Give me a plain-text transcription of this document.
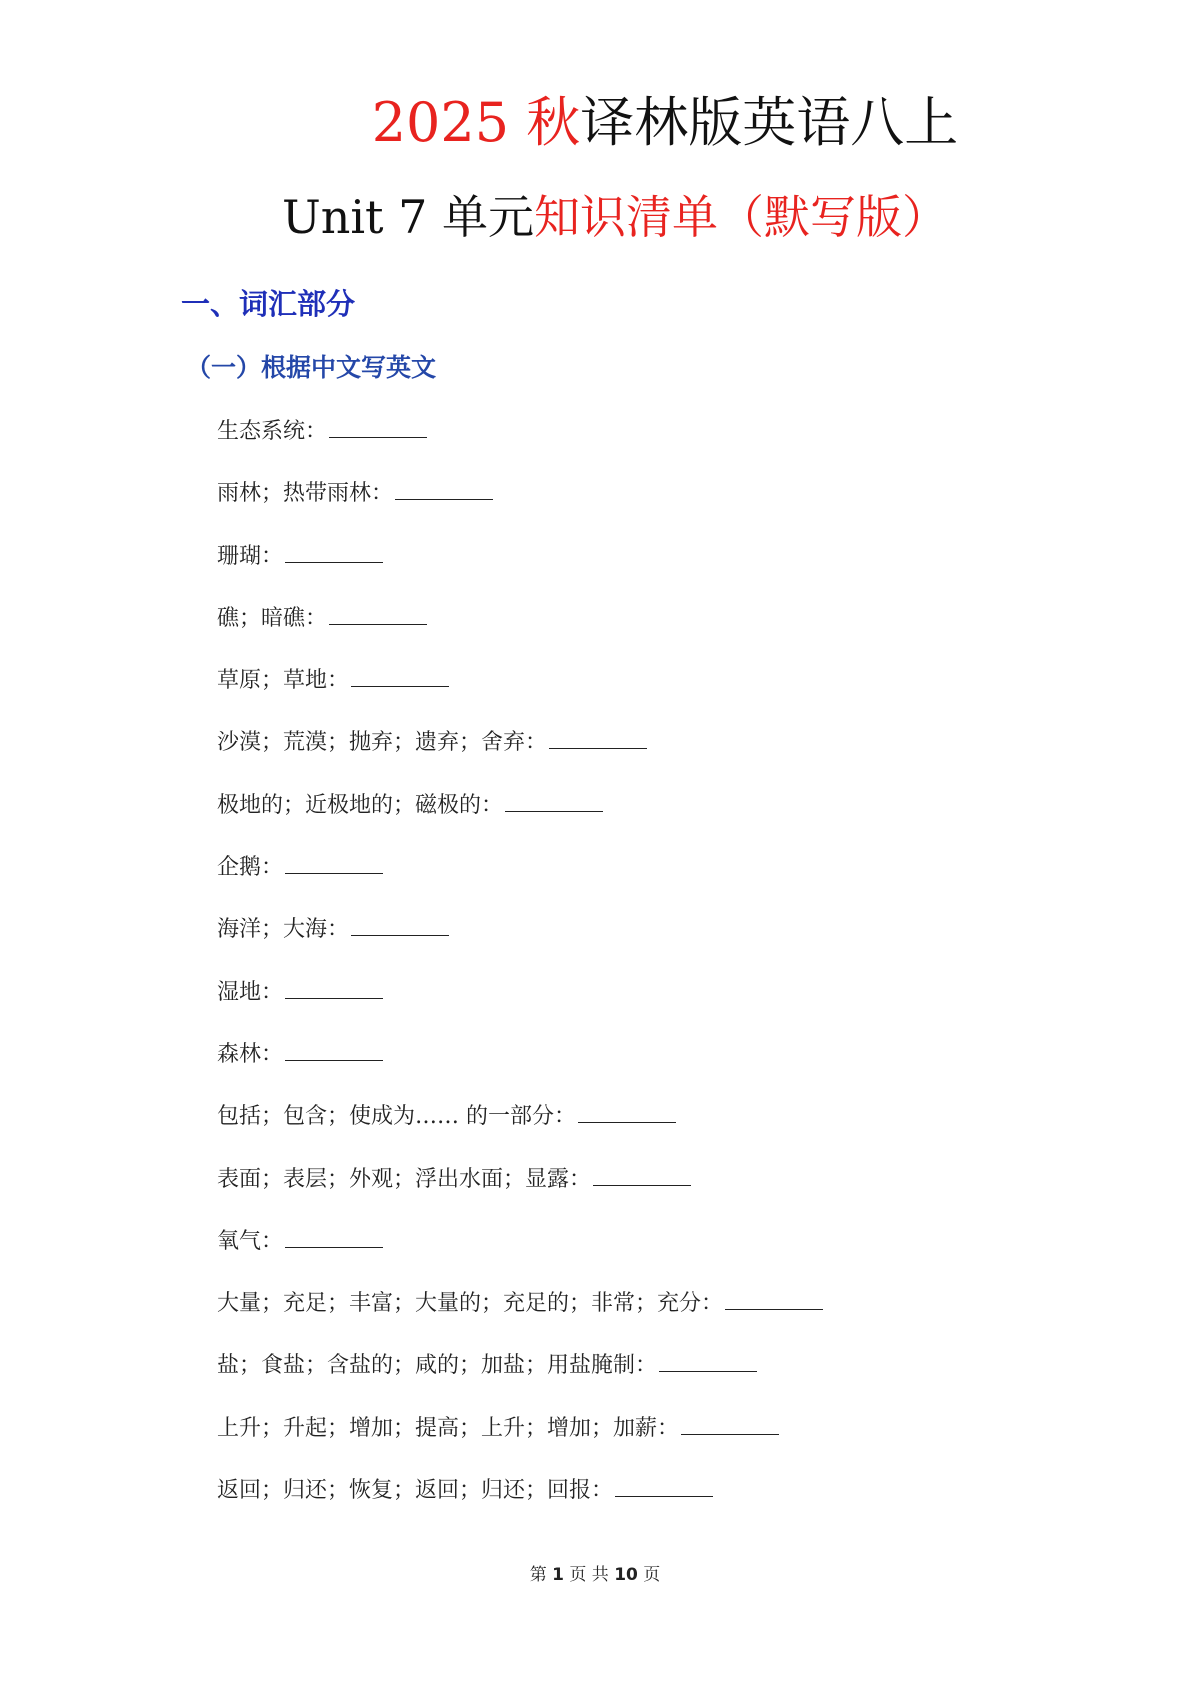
2025 秋译林版英语八上
Unit 7 单元知识清单（默写版）
一、词汇部分
（一）根据中文写英文
生态系统：
雨林；热带雨林：
珊瑚：
礁；暗礁：
草原；草地：
沙漠；荒漠；抛弃；遗弃；舍弃：
极地的；近极地的；磁极的：
企鹅：
海洋；大海：
湿地：
森林：
包括；包含；使成为…… 的一部分：
表面；表层；外观；浮出水面；显露：
氧气：
大量；充足；丰富；大量的；充足的；非常；充分：
盐；食盐；含盐的；咸的；加盐；用盐腌制：
上升；升起；增加；提高；上升；增加；加薪：
返回；归还；恢复；返回；归还；回报：
第 1 页 共 10 页
